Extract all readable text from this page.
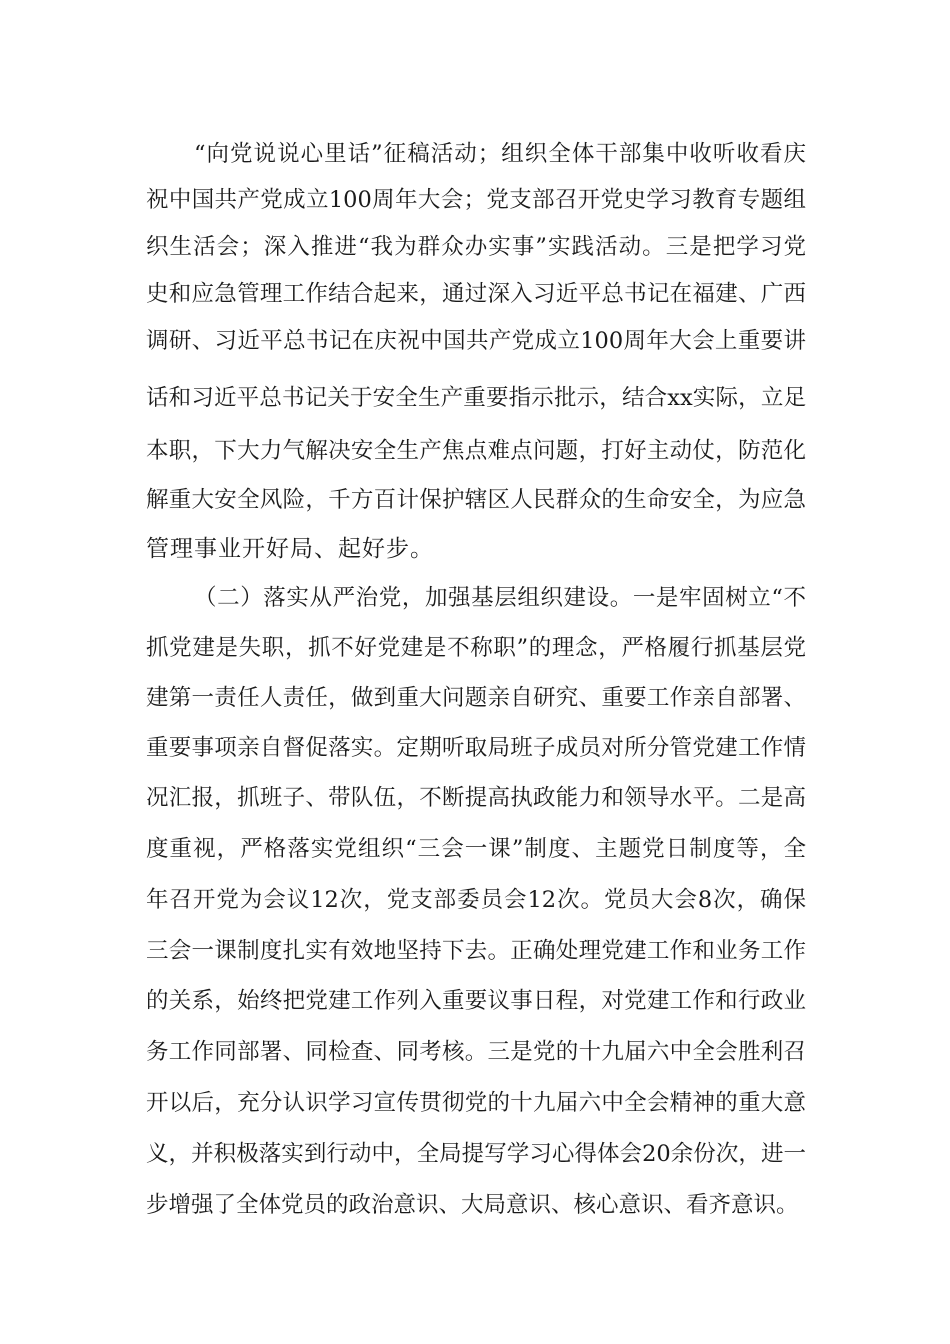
“向党说说心里话”征稿活动；组织全体干部集中收听收看庆

祝中国共产党成立100周年大会；党支部召开党史学习教育专题组

织生活会；深入推进“我为群众办实事”实践活动。三是把学习党

史和应急管理工作结合起来，通过深入习近平总书记在福建、广西

调研、习近平总书记在庆祝中国共产党成立100周年大会上重要讲

话和习近平总书记关于安全生产重要指示批示，结合xx实际，立足

本职，下大力气解决安全生产焦点难点问题，打好主动仗，防范化

解重大安全风险，千方百计保护辖区人民群众的生命安全，为应急

管理事业开好局、起好步。

（二）落实从严治党，加强基层组织建设。一是牢固树立“不

抓党建是失职，抓不好党建是不称职”的理念，严格履行抓基层党

建第一责任人责任，做到重大问题亲自研究、重要工作亲自部署、

重要事项亲自督促落实。定期听取局班子成员对所分管党建工作情

况汇报，抓班子、带队伍，不断提高执政能力和领导水平。二是高

度重视，严格落实党组织“三会一课”制度、主题党日制度等，全

年召开党为会议12次，党支部委员会12次。党员大会8次，确保

三会一课制度扎实有效地坚持下去。正确处理党建工作和业务工作

的关系，始终把党建工作列入重要议事日程，对党建工作和行政业

务工作同部署、同检查、同考核。三是党的十九届六中全会胜利召

开以后，充分认识学习宣传贯彻党的十九届六中全会精神的重大意

义，并积极落实到行动中，全局提写学习心得体会20余份次，进一

步增强了全体党员的政治意识、大局意识、核心意识、看齐意识。
